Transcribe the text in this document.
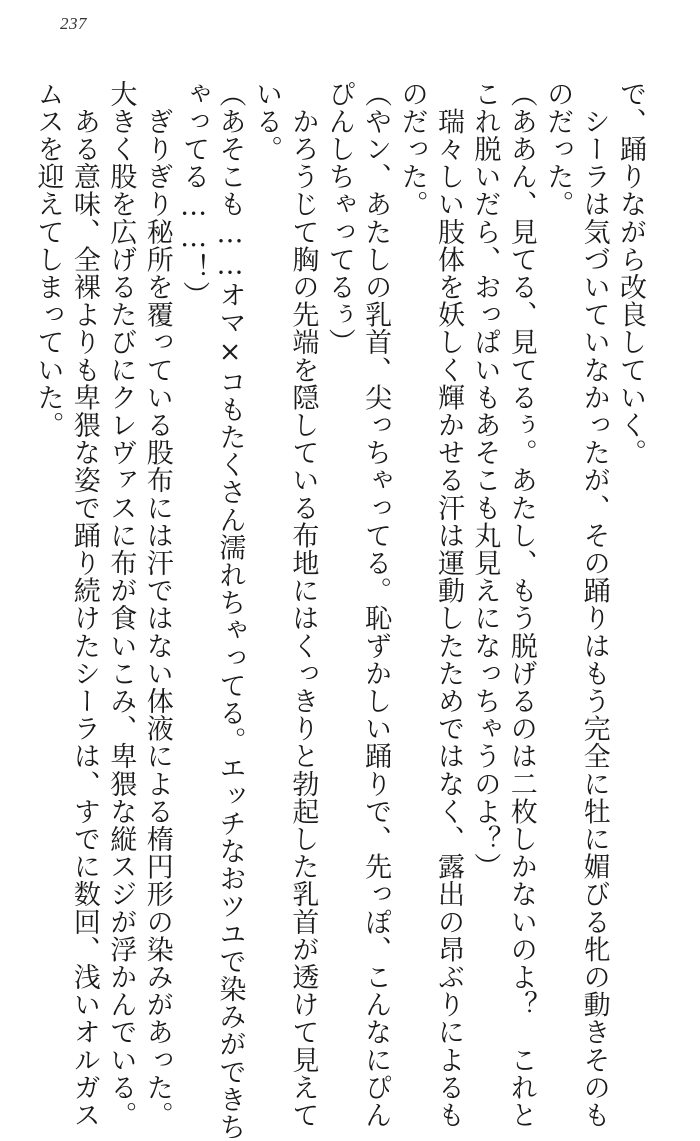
237

で、踊りながら改良していく。

　シーラは気づいていなかったが、その踊りはもう完全に牡に媚びる牝の動きそのも

のだった。

（ああん、見てる、見てるぅ。あたし、もう脱げるのは二枚しかないのよ？　これと

これ脱いだら、おっぱいもあそこも丸見えになっちゃうのよ？）

　瑞々しい肢体を妖しく輝かせる汗は運動したためではなく、露出の昂ぶりによるも

のだった。

（やン、あたしの乳首、尖っちゃってる。恥ずかしい踊りで、先っぽ、こんなにぴん

ぴんしちゃってるぅ）

　かろうじて胸の先端を隠している布地にはくっきりと勃起した乳首が透けて見えて

いる。

（あそこも……オマ×コもたくさん濡れちゃってる。エッチなおツユで染みができち

ゃってる……！）

　ぎりぎり秘所を覆っている股布には汗ではない体液による楕円形の染みがあった。

大きく股を広げるたびにクレヴァスに布が食いこみ、卑猥な縦スジが浮かんでいる。

　ある意味、全裸よりも卑猥な姿で踊り続けたシーラは、すでに数回、浅いオルガス

ムスを迎えてしまっていた。
